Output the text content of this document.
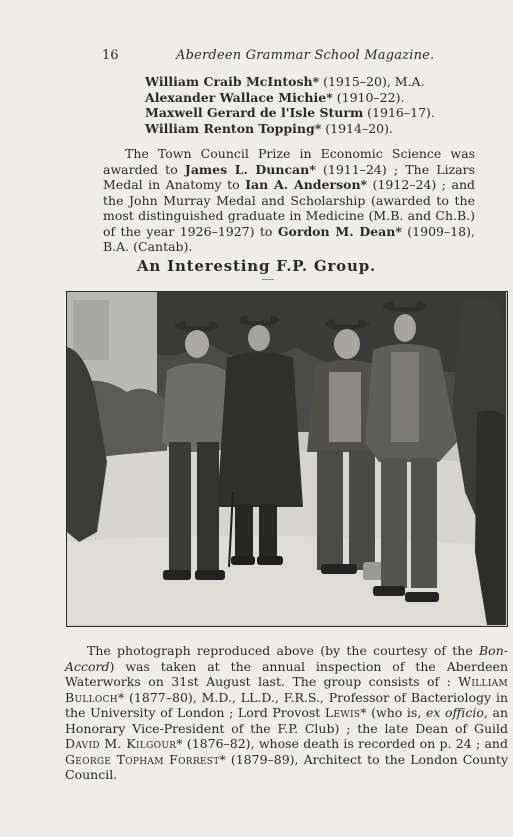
16	Aberdeen Grammar School Magazine.
William Craib McIntosh* (1915–20), M.A.
Alexander Wallace Michie* (1910–22).
Maxwell Gerard de l'Isle Sturm (1916–17).
William Renton Topping* (1914–20).

The Town Council Prize in Economic Science was awarded to James L. Duncan* (1911–24) ; The Lizars Medal in Anatomy to Ian A. Anderson* (1912–24) ; and the John Murray Medal and Scholarship (awarded to the most distinguished graduate in Medicine (M.B. and Ch.B.) of the year 1926–1927) to Gordon M. Dean* (1909–18), B.A. (Cantab).

An Interesting F.P. Group.

The photograph reproduced above (by the courtesy of the Bon-Accord) was taken at the annual inspection of the Aberdeen Waterworks on 31st August last. The group consists of : William Bulloch* (1877–80), M.D., LL.D., F.R.S., Professor of Bacteriology in the University of London ; Lord Provost Lewis* (who is, ex officio, an Honorary Vice-President of the F.P. Club) ; the late Dean of Guild David M. Kilgour* (1876–82), whose death is recorded on p. 24 ; and George Topham Forrest* (1879–89), Architect to the London County Council.
